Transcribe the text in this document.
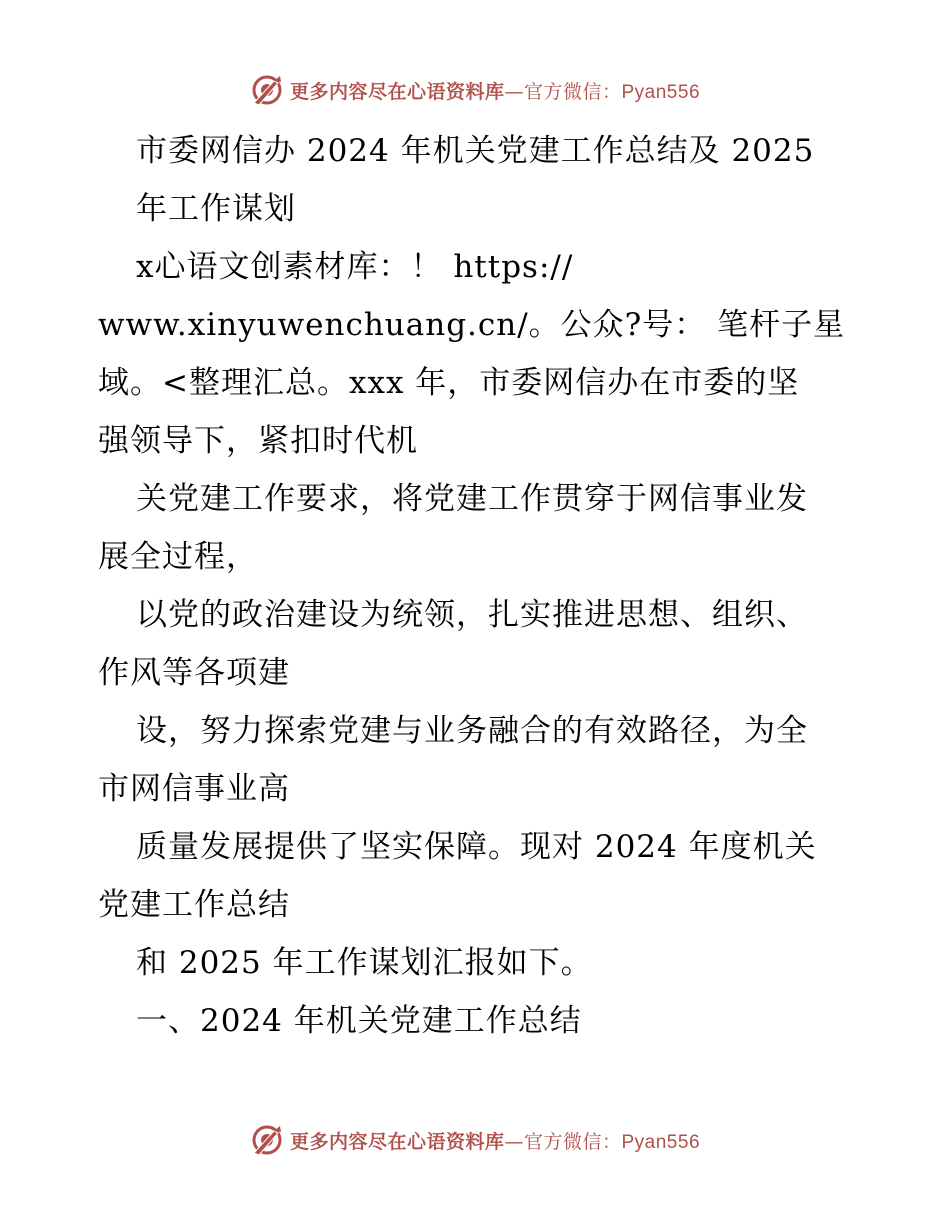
更多内容尽在心语资料库—官方微信：Pyan556
市委网信办 2024 年机关党建工作总结及 2025
年工作谋划
x心语文创素材库：！ https://
www.xinyuwenchuang.cn/。公众?号： 笔杆子星
域。<整理汇总。xxx 年，市委网信办在市委的坚
强领导下，紧扣时代机
关党建工作要求，将党建工作贯穿于网信事业发
展全过程，
以党的政治建设为统领，扎实推进思想、组织、
作风等各项建
设，努力探索党建与业务融合的有效路径，为全
市网信事业高
质量发展提供了坚实保障。现对 2024 年度机关
党建工作总结
和 2025 年工作谋划汇报如下。
一、2024 年机关党建工作总结
更多内容尽在心语资料库—官方微信：Pyan556
